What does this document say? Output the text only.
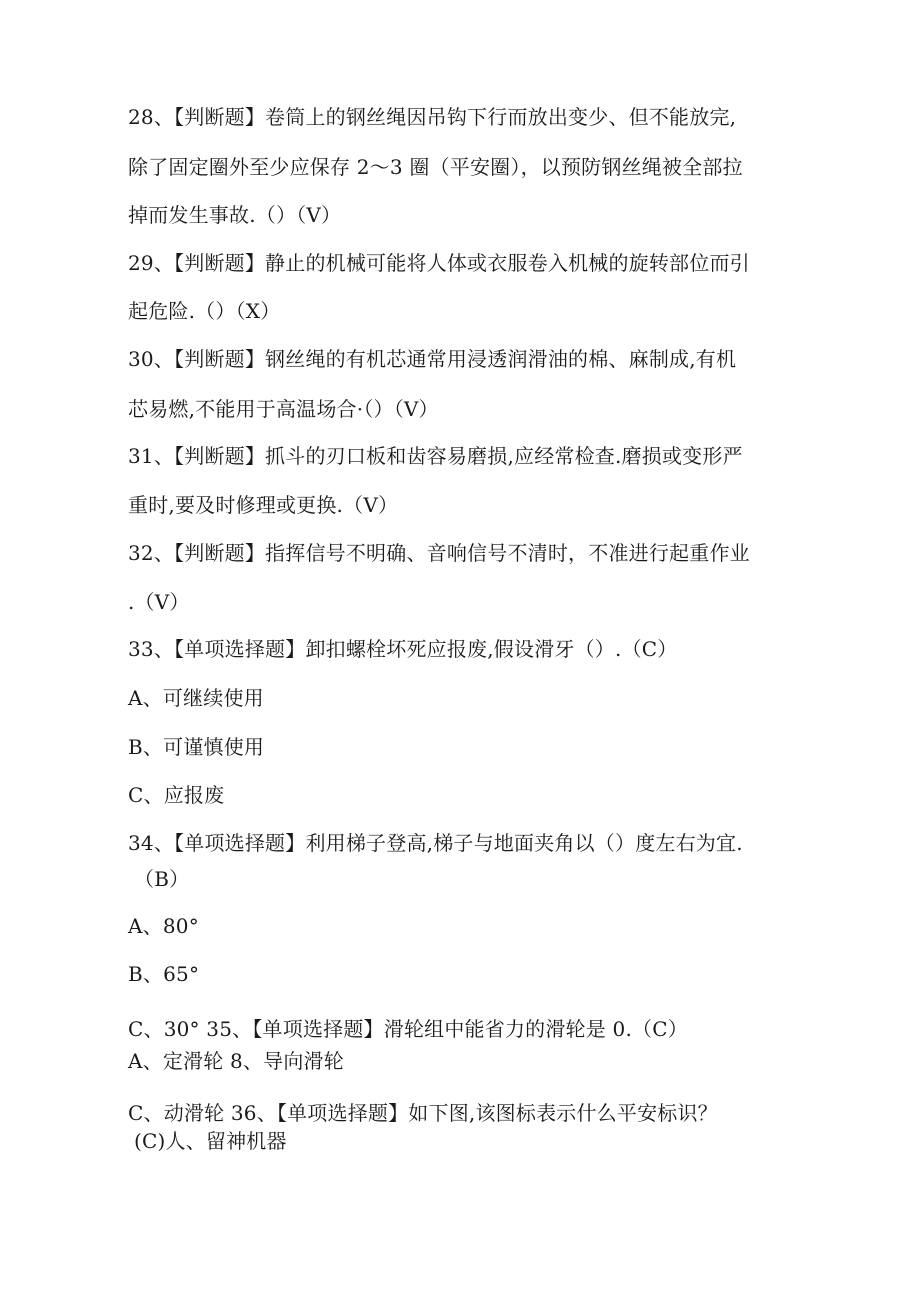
28、【判断题】卷筒上的钢丝绳因吊钩下行而放出变少、但不能放完,
除了固定圈外至少应保存 2～3 圈（平安圈），以预防钢丝绳被全部拉
掉而发生事故.（）（V）
29、【判断题】静止的机械可能将人体或衣服卷入机械的旋转部位而引
起危险.（）（X）
30、【判断题】钢丝绳的有机芯通常用浸透润滑油的棉、麻制成,有机
芯易燃,不能用于高温场合·（）（V）
31、【判断题】抓斗的刃口板和齿容易磨损,应经常检查.磨损或变形严
重时,要及时修理或更换.（V）
32、【判断题】指挥信号不明确、音响信号不清时，不准进行起重作业
.（V）
33、【单项选择题】卸扣螺栓坏死应报废,假设滑牙（）.（C）
A、可继续使用
B、可谨慎使用
C、应报废
34、【单项选择题】利用梯子登高,梯子与地面夹角以（）度左右为宜.
（B）
A、80°
B、65°
C、30° 35、【单项选择题】滑轮组中能省力的滑轮是 0.（C）
A、定滑轮 8、导向滑轮
C、动滑轮 36、【单项选择题】如下图,该图标表示什么平安标识？
(C)人、留神机器
